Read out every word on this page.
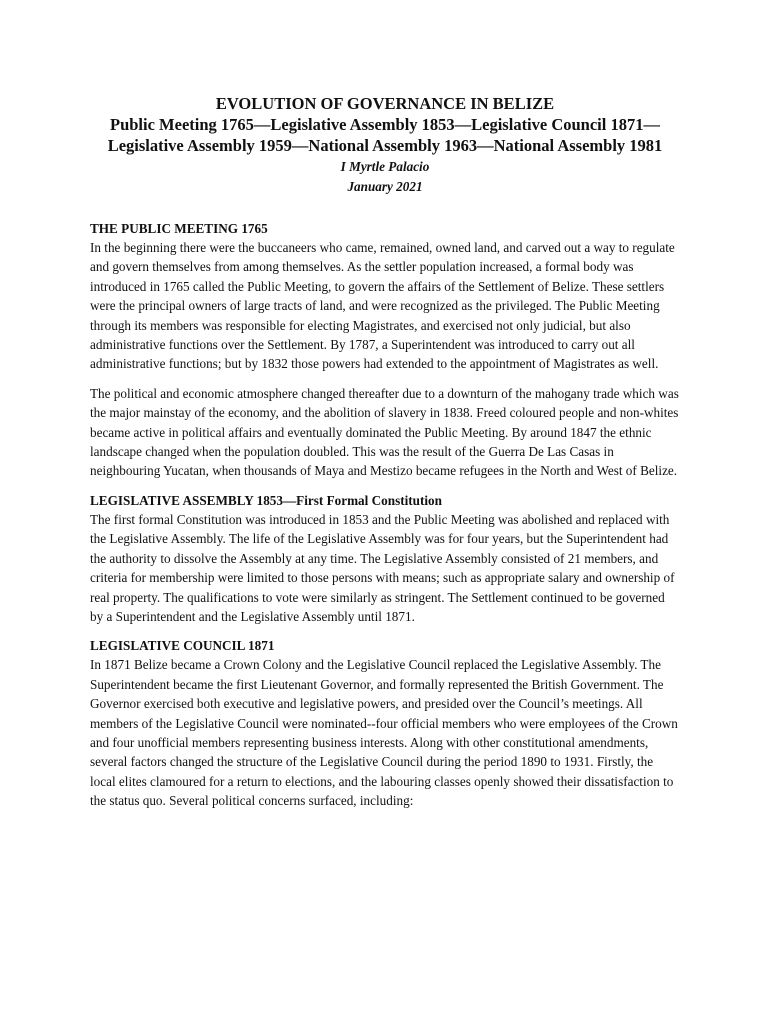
EVOLUTION OF GOVERNANCE IN BELIZE

Public Meeting 1765—Legislative Assembly 1853—Legislative Council 1871—Legislative Assembly 1959—National Assembly 1963—National Assembly 1981

I Myrtle Palacio

January 2021

THE PUBLIC MEETING 1765

In the beginning there were the buccaneers who came, remained, owned land, and carved out a way to regulate and govern themselves from among themselves. As the settler population increased, a formal body was introduced in 1765 called the Public Meeting, to govern the affairs of the Settlement of Belize. These settlers were the principal owners of large tracts of land, and were recognized as the privileged. The Public Meeting through its members was responsible for electing Magistrates, and exercised not only judicial, but also administrative functions over the Settlement. By 1787, a Superintendent was introduced to carry out all administrative functions; but by 1832 those powers had extended to the appointment of Magistrates as well.

The political and economic atmosphere changed thereafter due to a downturn of the mahogany trade which was the major mainstay of the economy, and the abolition of slavery in 1838. Freed coloured people and non-whites became active in political affairs and eventually dominated the Public Meeting. By around 1847 the ethnic landscape changed when the population doubled. This was the result of the Guerra De Las Casas in neighbouring Yucatan, when thousands of Maya and Mestizo became refugees in the North and West of Belize.

LEGISLATIVE ASSEMBLY 1853—First Formal Constitution

The first formal Constitution was introduced in 1853 and the Public Meeting was abolished and replaced with the Legislative Assembly. The life of the Legislative Assembly was for four years, but the Superintendent had the authority to dissolve the Assembly at any time. The Legislative Assembly consisted of 21 members, and criteria for membership were limited to those persons with means; such as appropriate salary and ownership of real property. The qualifications to vote were similarly as stringent. The Settlement continued to be governed by a Superintendent and the Legislative Assembly until 1871.

LEGISLATIVE COUNCIL 1871

In 1871 Belize became a Crown Colony and the Legislative Council replaced the Legislative Assembly. The Superintendent became the first Lieutenant Governor, and formally represented the British Government. The Governor exercised both executive and legislative powers, and presided over the Council’s meetings. All members of the Legislative Council were nominated--four official members who were employees of the Crown and four unofficial members representing business interests. Along with other constitutional amendments, several factors changed the structure of the Legislative Council during the period 1890 to 1931. Firstly, the local elites clamoured for a return to elections, and the labouring classes openly showed their dissatisfaction to the status quo. Several political concerns surfaced, including:
